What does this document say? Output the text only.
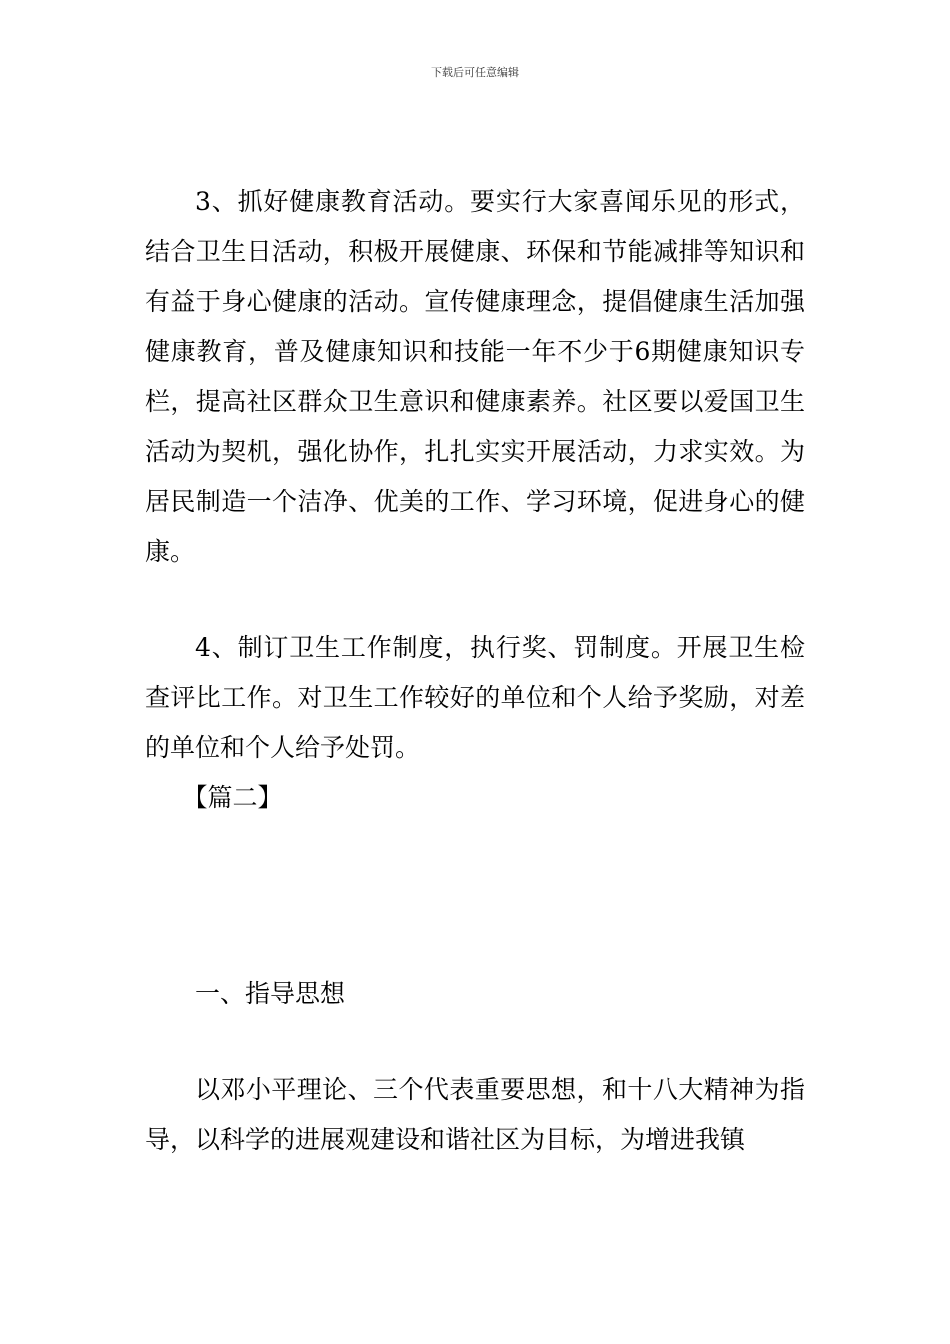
下载后可任意编辑

3、抓好健康教育活动。要实行大家喜闻乐见的形式，结合卫生日活动，积极开展健康、环保和节能减排等知识和有益于身心健康的活动。宣传健康理念，提倡健康生活加强健康教育，普及健康知识和技能一年不少于6期健康知识专栏，提高社区群众卫生意识和健康素养。社区要以爱国卫生活动为契机，强化协作，扎扎实实开展活动，力求实效。为居民制造一个洁净、优美的工作、学习环境，促进身心的健康。

4、制订卫生工作制度，执行奖、罚制度。开展卫生检查评比工作。对卫生工作较好的单位和个人给予奖励，对差的单位和个人给予处罚。

【篇二】

一、指导思想

以邓小平理论、三个代表重要思想，和十八大精神为指导，以科学的进展观建设和谐社区为目标，为增进我镇
